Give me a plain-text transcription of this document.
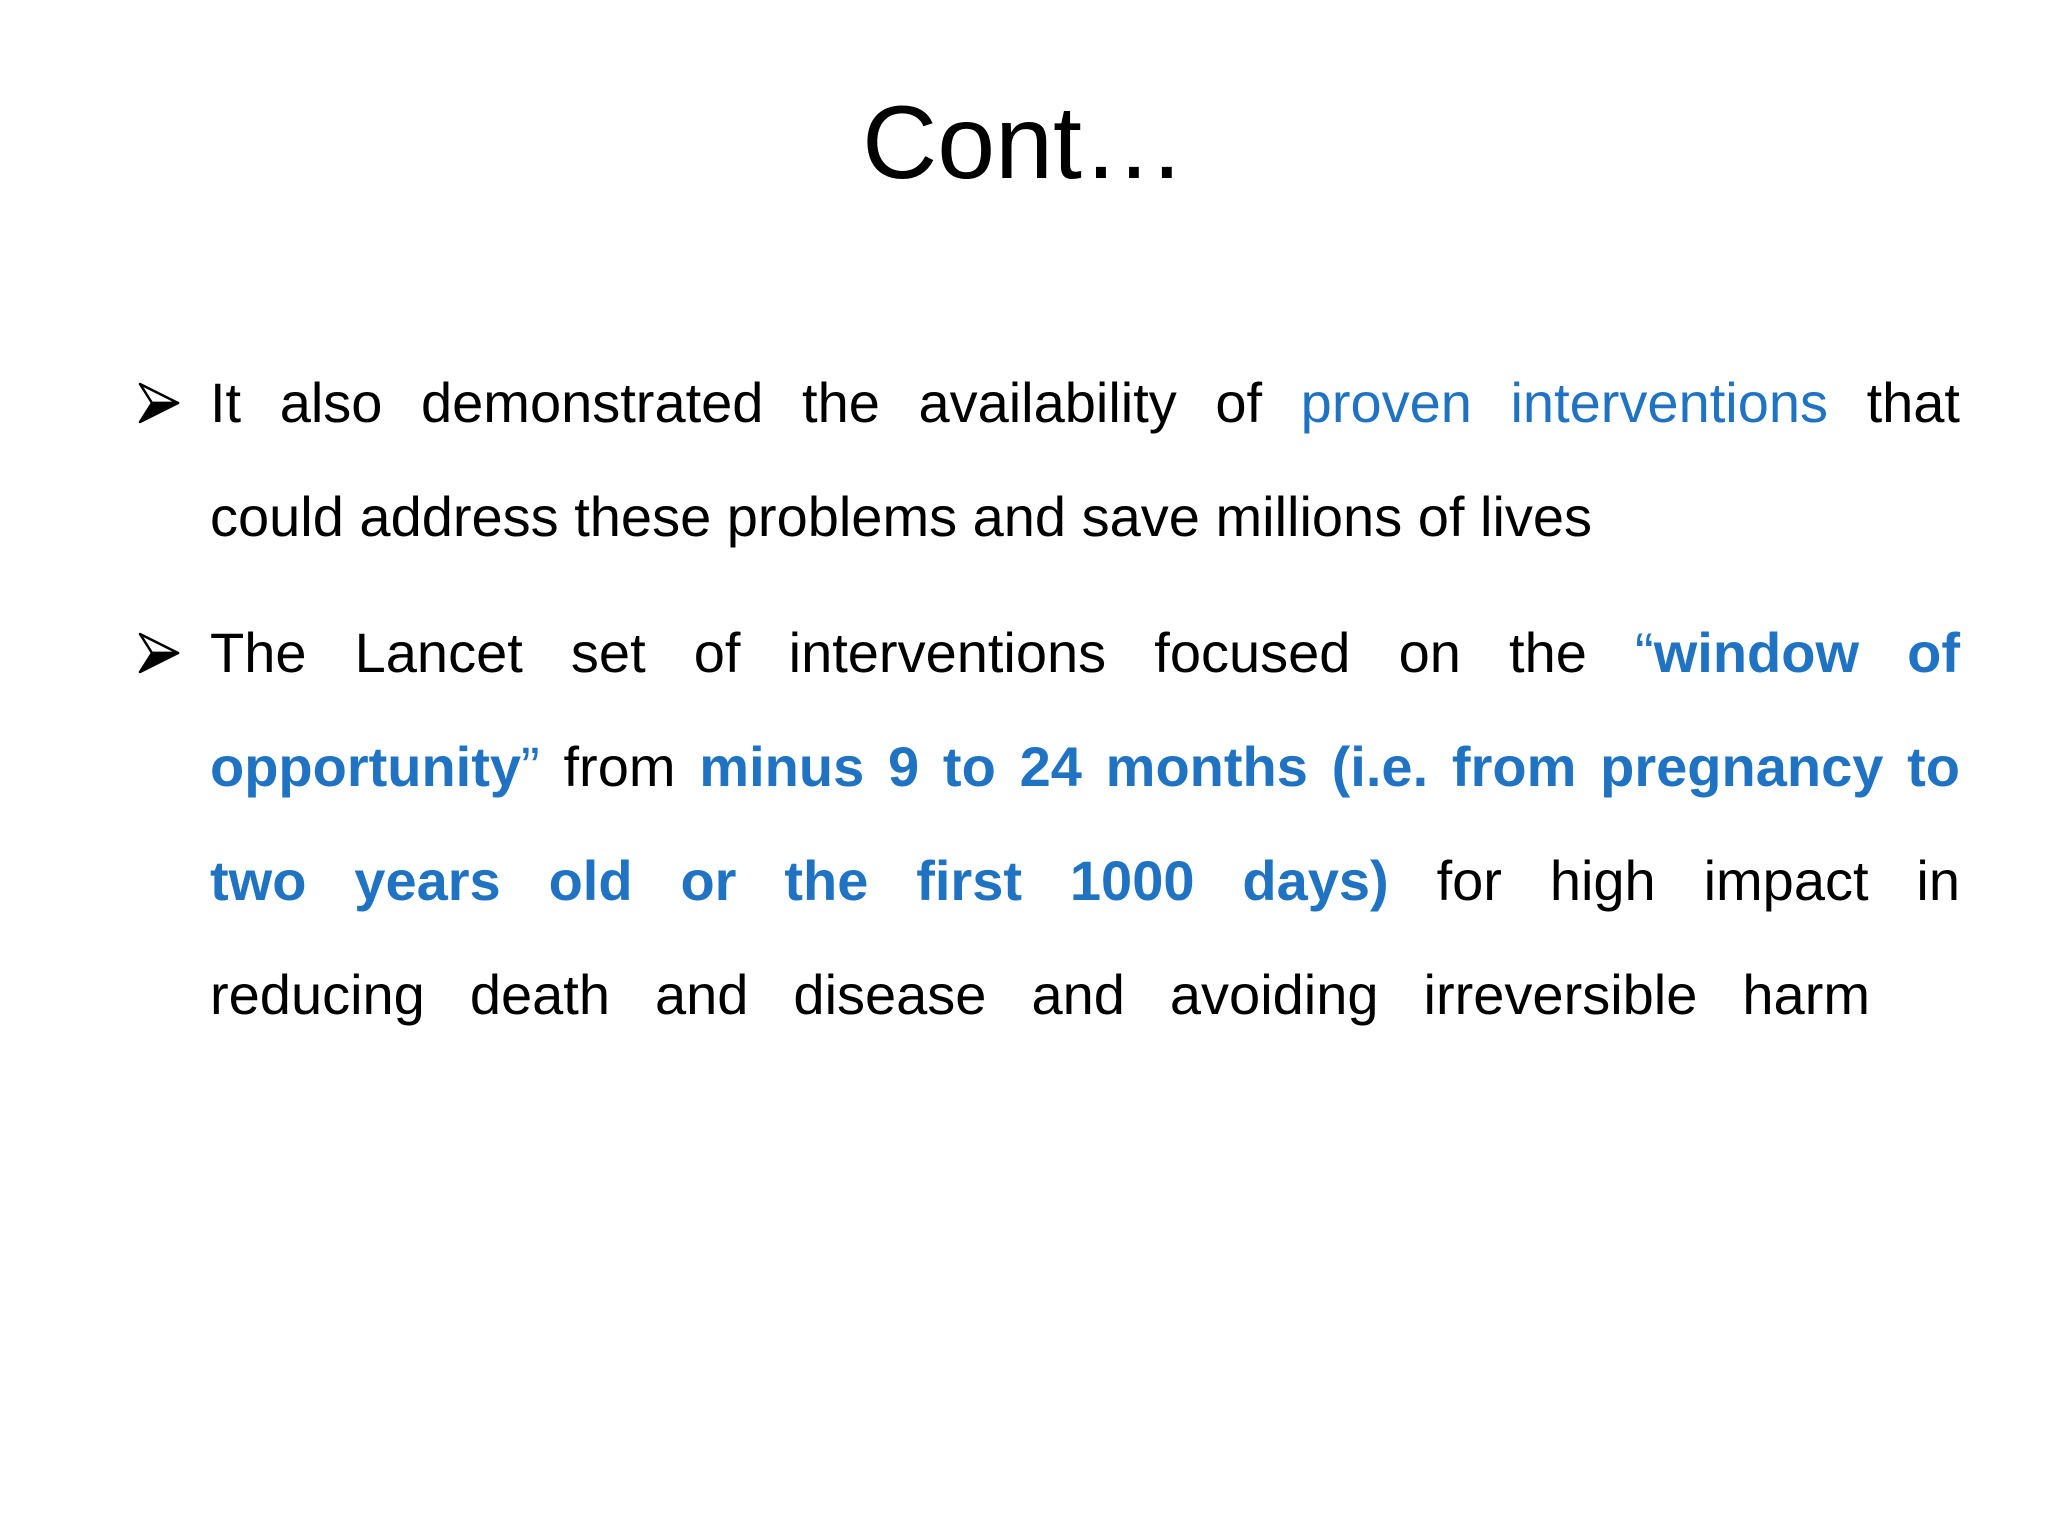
Cont…
It also demonstrated the availability of proven interventions that
could address these problems and save millions of lives
The Lancet set of interventions focused on the “window of
opportunity” from minus 9 to 24 months (i.e. from pregnancy to
two years old or the first 1000 days) for high impact in
reducing death and disease and avoiding irreversible harm
